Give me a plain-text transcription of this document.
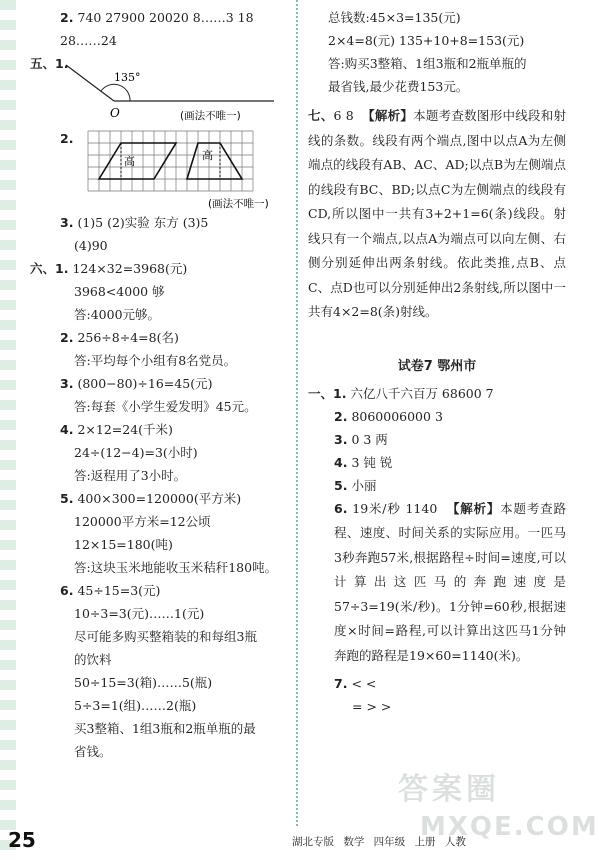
2. 740 27900 20020 8……3 18
28……24
五、1.
135°
O	(画法不唯一)
2.
高	高
(画法不唯一)
3. (1)5 (2)实验 东方 (3)5
(4)90
六、1. 124×32=3968(元)
3968<4000 够
答:4000元够。
2. 256÷8÷4=8(名)
答:平均每个小组有8名党员。
3. (800−80)÷16=45(元)
答:每套《小学生爱发明》45元。
4. 2×12=24(千米)
24÷(12−4)=3(小时)
答:返程用了3小时。
5. 400×300=120000(平方米)
120000平方米=12公顷
12×15=180(吨)
答:这块玉米地能收玉米秸秆180吨。
6. 45÷15=3(元)
10÷3=3(元)……1(元)
尽可能多购买整箱装的和每组3瓶
的饮料
50÷15=3(箱)……5(瓶)
5÷3=1(组)……2(瓶)
买3整箱、1组3瓶和2瓶单瓶的最
省钱。
总钱数:45×3=135(元)
2×4=8(元) 135+10+8=153(元)
答:购买3整箱、1组3瓶和2瓶单瓶的
最省钱,最少花费153元。
七、6 8 【解析】本题考查数图形中线段和射线的条数。线段有两个端点,图中以点A为左侧端点的线段有AB、AC、AD;以点B为左侧端点的线段有BC、BD;以点C为左侧端点的线段有CD,所以图中一共有3+2+1=6(条)线段。射线只有一个端点,以点A为端点可以向左侧、右侧分别延伸出两条射线。依此类推,点B、点C、点D也可以分别延伸出2条射线,所以图中一共有4×2=8(条)射线。
试卷7 鄂州市
一、1. 六亿八千六百万 68600 7
2. 8060006000 3
3. 0 3 两
4. 3 钝 锐
5. 小丽
6. 19米/秒 1140 【解析】本题考查路程、速度、时间关系的实际应用。一匹马3秒奔跑57米,根据路程÷时间=速度,可以计算出这匹马的奔跑速度是57÷3=19(米/秒)。1分钟=60秒,根据速度×时间=路程,可以计算出这匹马1分钟奔跑的路程是19×60=1140(米)。
7. < <
= > >
答案圈
MXQE.COM
25	湖北专版 数学 四年级 上册 人教
